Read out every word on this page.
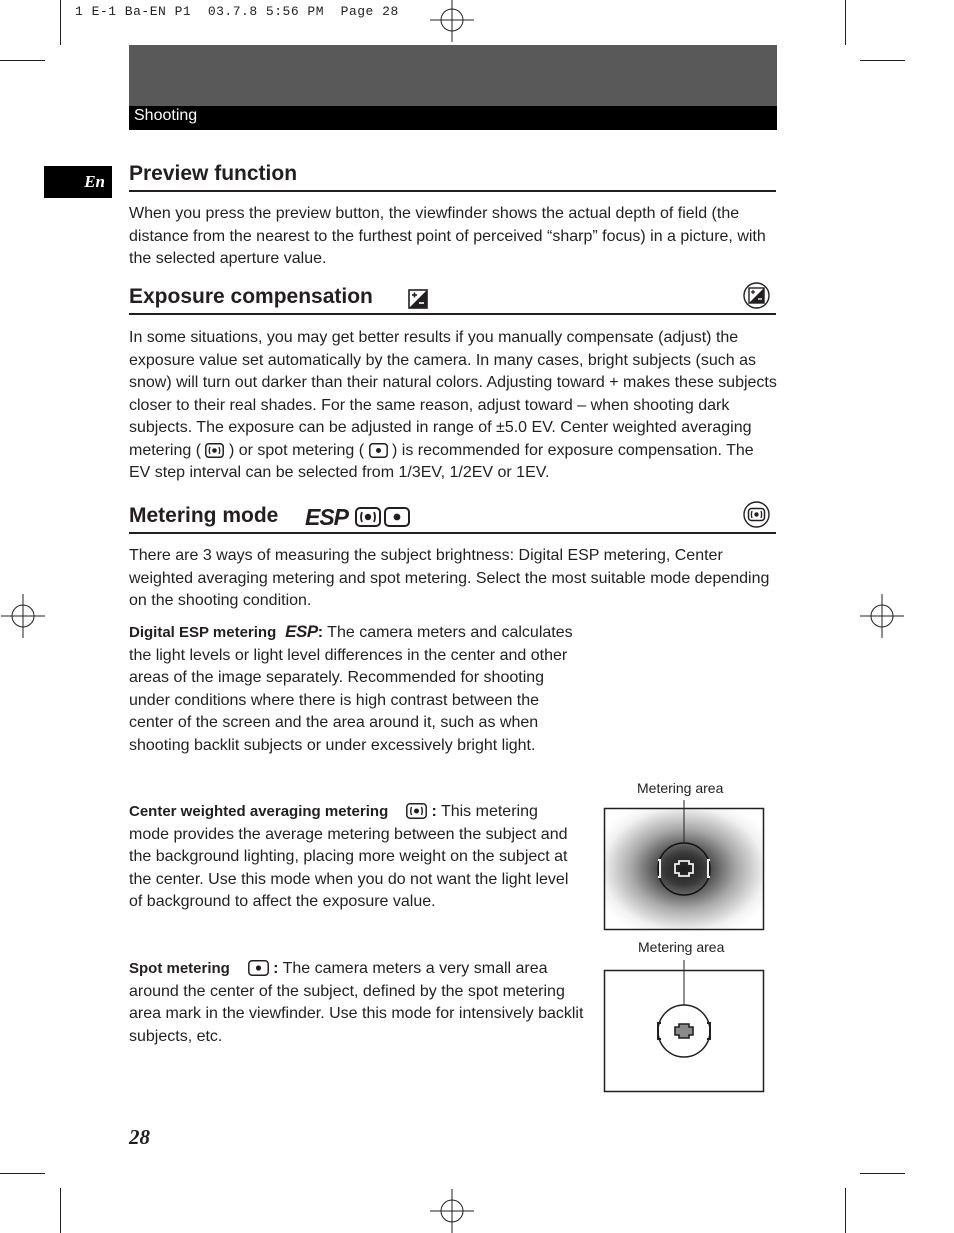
1 E-1 Ba-EN P1  03.7.8 5:56 PM  Page 28
Shooting
En	Preview function
When you press the preview button, the viewfinder shows the actual depth of field (the distance from the nearest to the furthest point of perceived “sharp” focus) in a picture, with the selected aperture value.
Exposure compensation
In some situations, you may get better results if you manually compensate (adjust) the exposure value set automatically by the camera. In many cases, bright subjects (such as snow) will turn out darker than their natural colors. Adjusting toward + makes these subjects closer to their real shades. For the same reason, adjust toward – when shooting dark subjects. The exposure can be adjusted in range of ±5.0 EV. Center weighted averaging metering ( ) or spot metering ( ) is recommended for exposure compensation. The EV step interval can be selected from 1/3EV, 1/2EV or 1EV.
Metering mode ESP
There are 3 ways of measuring the subject brightness: Digital ESP metering, Center weighted averaging metering and spot metering. Select the most suitable mode depending on the shooting condition.
Digital ESP metering ESP: The camera meters and calculates the light levels or light level differences in the center and other areas of the image separately. Recommended for shooting under conditions where there is high contrast between the center of the screen and the area around it, such as when shooting backlit subjects or under excessively bright light.
Center weighted averaging metering	: This metering mode provides the average metering between the subject and the background lighting, placing more weight on the subject at the center. Use this mode when you do not want the light level of background to affect the exposure value.
Spot metering	: The camera meters a very small area around the center of the subject, defined by the spot metering area mark in the viewfinder. Use this mode for intensively backlit subjects, etc.
Metering area
Metering area
28
